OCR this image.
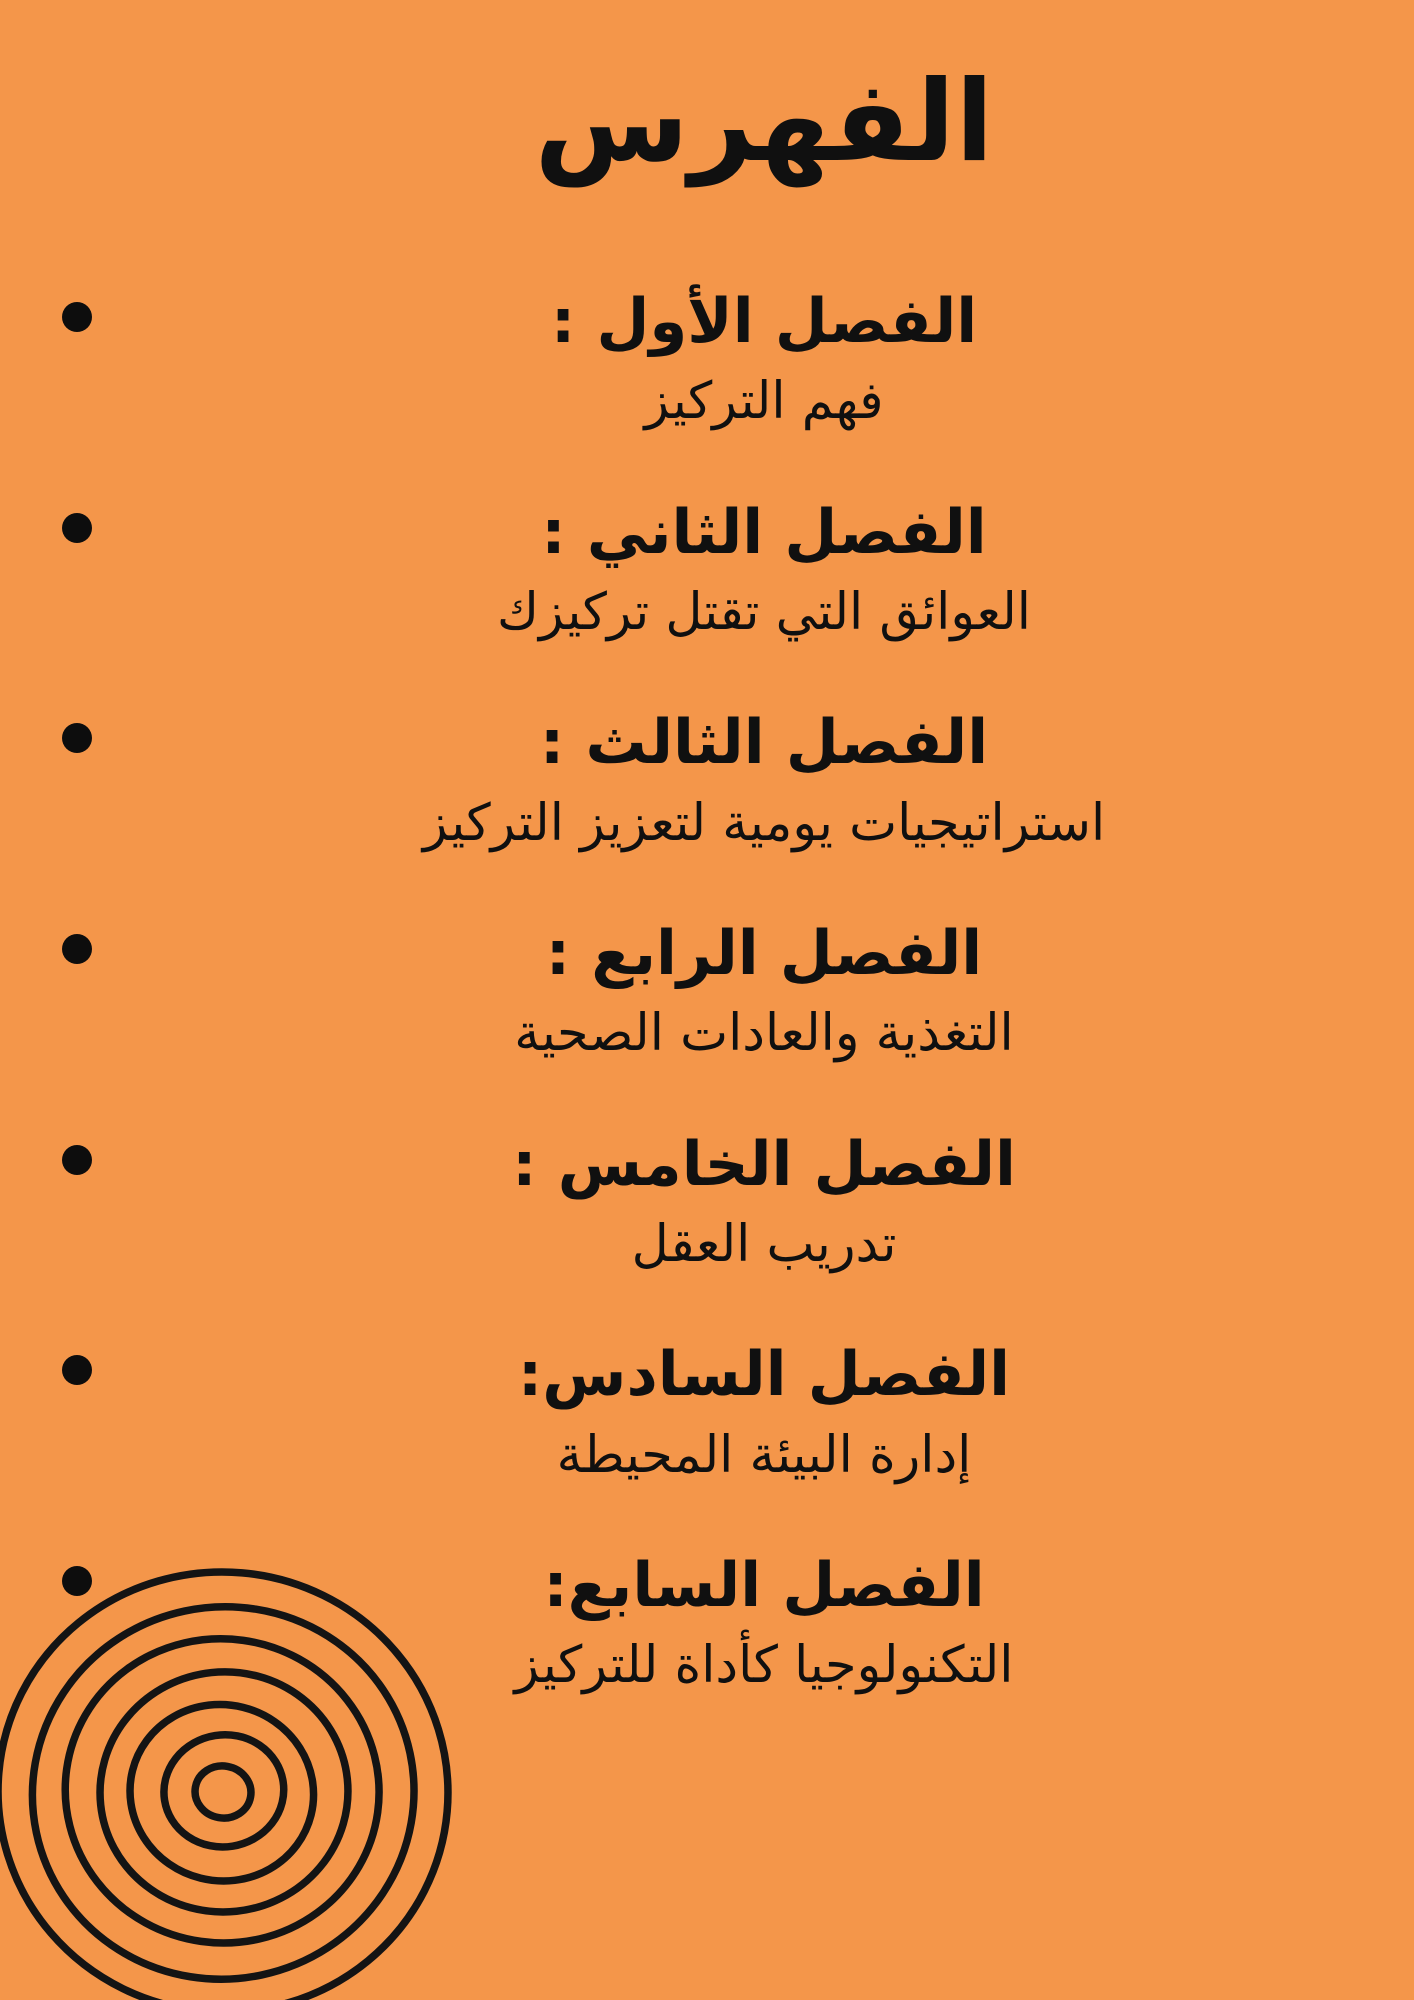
الفهرس
الفصل الأول :

فهم التركيز

الفصل الثاني :

العوائق التي تقتل تركيزك

الفصل الثالث :

استراتيجيات يومية لتعزيز التركيز

الفصل الرابع :

التغذية والعادات الصحية

الفصل الخامس :

تدريب العقل

الفصل السادس:

إدارة البيئة المحيطة

الفصل السابع:

التكنولوجيا كأداة للتركيز
